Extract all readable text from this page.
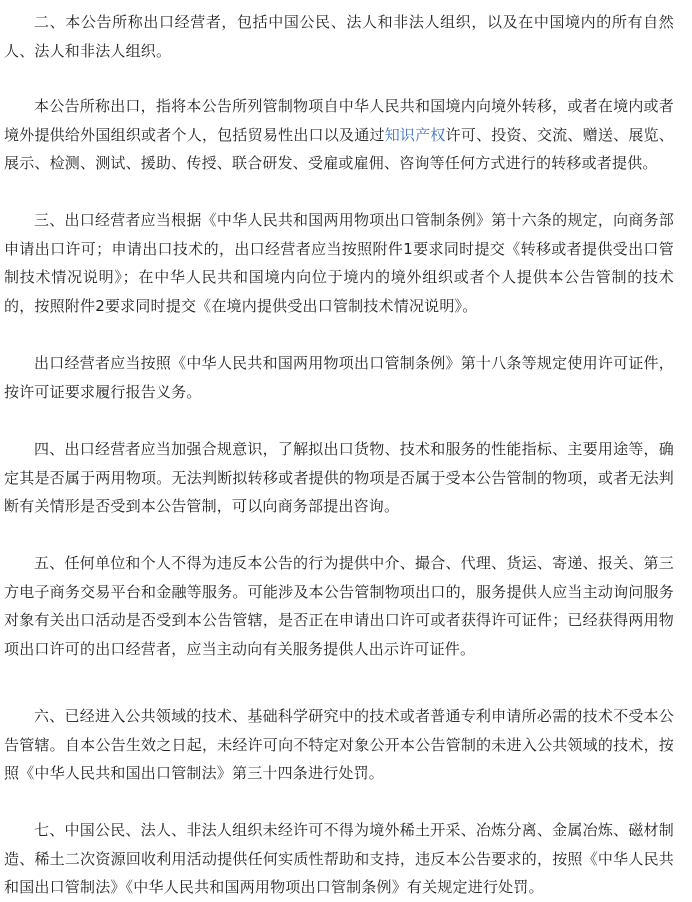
二、本公告所称出口经营者，包括中国公民、法人和非法人组织，以及在中国境内的所有自然人、法人和非法人组织。

本公告所称出口，指将本公告所列管制物项自中华人民共和国境内向境外转移，或者在境内或者境外提供给外国组织或者个人，包括贸易性出口以及通过知识产权许可、投资、交流、赠送、展览、展示、检测、测试、援助、传授、联合研发、受雇或雇佣、咨询等任何方式进行的转移或者提供。

三、出口经营者应当根据《中华人民共和国两用物项出口管制条例》第十六条的规定，向商务部申请出口许可；申请出口技术的，出口经营者应当按照附件1要求同时提交《转移或者提供受出口管制技术情况说明》；在中华人民共和国境内向位于境内的境外组织或者个人提供本公告管制的技术的，按照附件2要求同时提交《在境内提供受出口管制技术情况说明》。

出口经营者应当按照《中华人民共和国两用物项出口管制条例》第十八条等规定使用许可证件，按许可证要求履行报告义务。

四、出口经营者应当加强合规意识，了解拟出口货物、技术和服务的性能指标、主要用途等，确定其是否属于两用物项。无法判断拟转移或者提供的物项是否属于受本公告管制的物项，或者无法判断有关情形是否受到本公告管制，可以向商务部提出咨询。

五、任何单位和个人不得为违反本公告的行为提供中介、撮合、代理、货运、寄递、报关、第三方电子商务交易平台和金融等服务。可能涉及本公告管制物项出口的，服务提供人应当主动询问服务对象有关出口活动是否受到本公告管辖，是否正在申请出口许可或者获得许可证件；已经获得两用物项出口许可的出口经营者，应当主动向有关服务提供人出示许可证件。

六、已经进入公共领域的技术、基础科学研究中的技术或者普通专利申请所必需的技术不受本公告管辖。自本公告生效之日起，未经许可向不特定对象公开本公告管制的未进入公共领域的技术，按照《中华人民共和国出口管制法》第三十四条进行处罚。

七、中国公民、法人、非法人组织未经许可不得为境外稀土开采、冶炼分离、金属冶炼、磁材制造、稀土二次资源回收利用活动提供任何实质性帮助和支持，违反本公告要求的，按照《中华人民共和国出口管制法》《中华人民共和国两用物项出口管制条例》有关规定进行处罚。
